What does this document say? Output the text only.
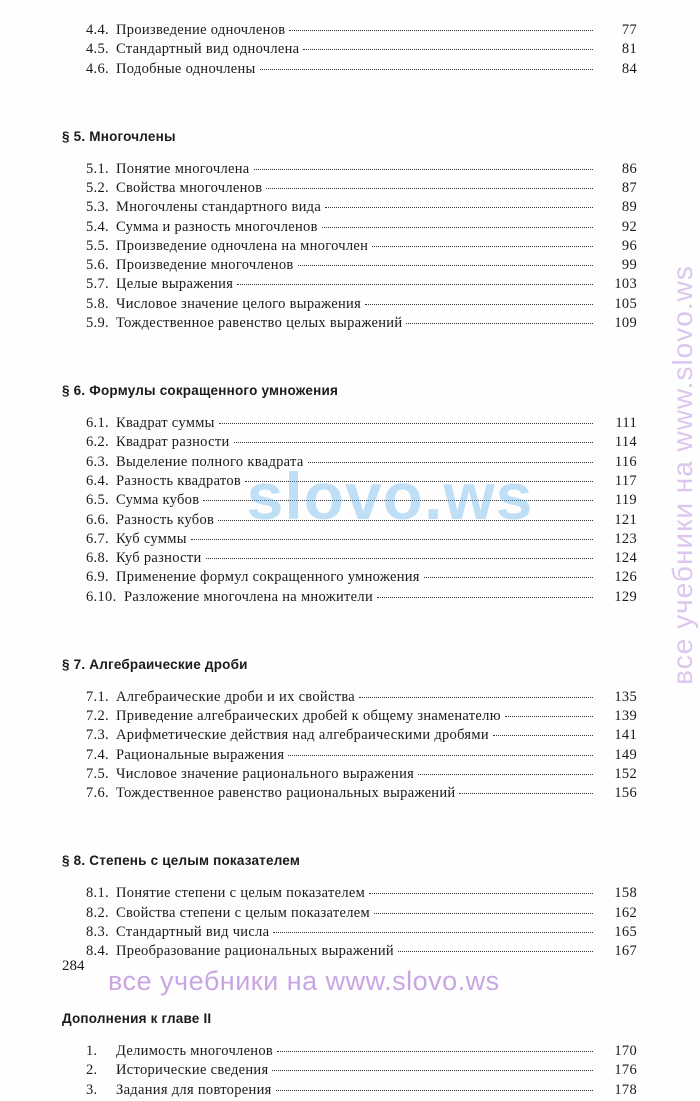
4.4. Произведение одночленов	77
4.5. Стандартный вид одночлена	81
4.6. Подобные одночлены	84
§ 5. Многочлены
5.1. Понятие многочлена	86
5.2. Свойства многочленов	87
5.3. Многочлены стандартного вида	89
5.4. Сумма и разность многочленов	92
5.5. Произведение одночлена на многочлен	96
5.6. Произведение многочленов	99
5.7. Целые выражения	103
5.8. Числовое значение целого выражения	105
5.9. Тождественное равенство целых выражений	109
§ 6. Формулы сокращенного умножения
6.1. Квадрат суммы	111
6.2. Квадрат разности	114
6.3. Выделение полного квадрата	116
6.4. Разность квадратов	117
6.5. Сумма кубов	119
6.6. Разность кубов	121
6.7. Куб суммы	123
6.8. Куб разности	124
6.9. Применение формул сокращенного умножения	126
6.10. Разложение многочлена на множители	129
§ 7. Алгебраические дроби
7.1. Алгебраические дроби и их свойства	135
7.2. Приведение алгебраических дробей к общему знаменателю	139
7.3. Арифметические действия над алгебраическими дробями	141
7.4. Рациональные выражения	149
7.5. Числовое значение рационального выражения	152
7.6. Тождественное равенство рациональных выражений	156
§ 8. Степень с целым показателем
8.1. Понятие степени с целым показателем	158
8.2. Свойства степени с целым показателем	162
8.3. Стандартный вид числа	165
8.4. Преобразование рациональных выражений	167
Дополнения к главе II
1.	Делимость многочленов	170
2.	Исторические сведения	176
3.	Задания для повторения	178
284
slovo.ws
все учебники на www.slovo.ws
все учебники на www.slovo.ws
